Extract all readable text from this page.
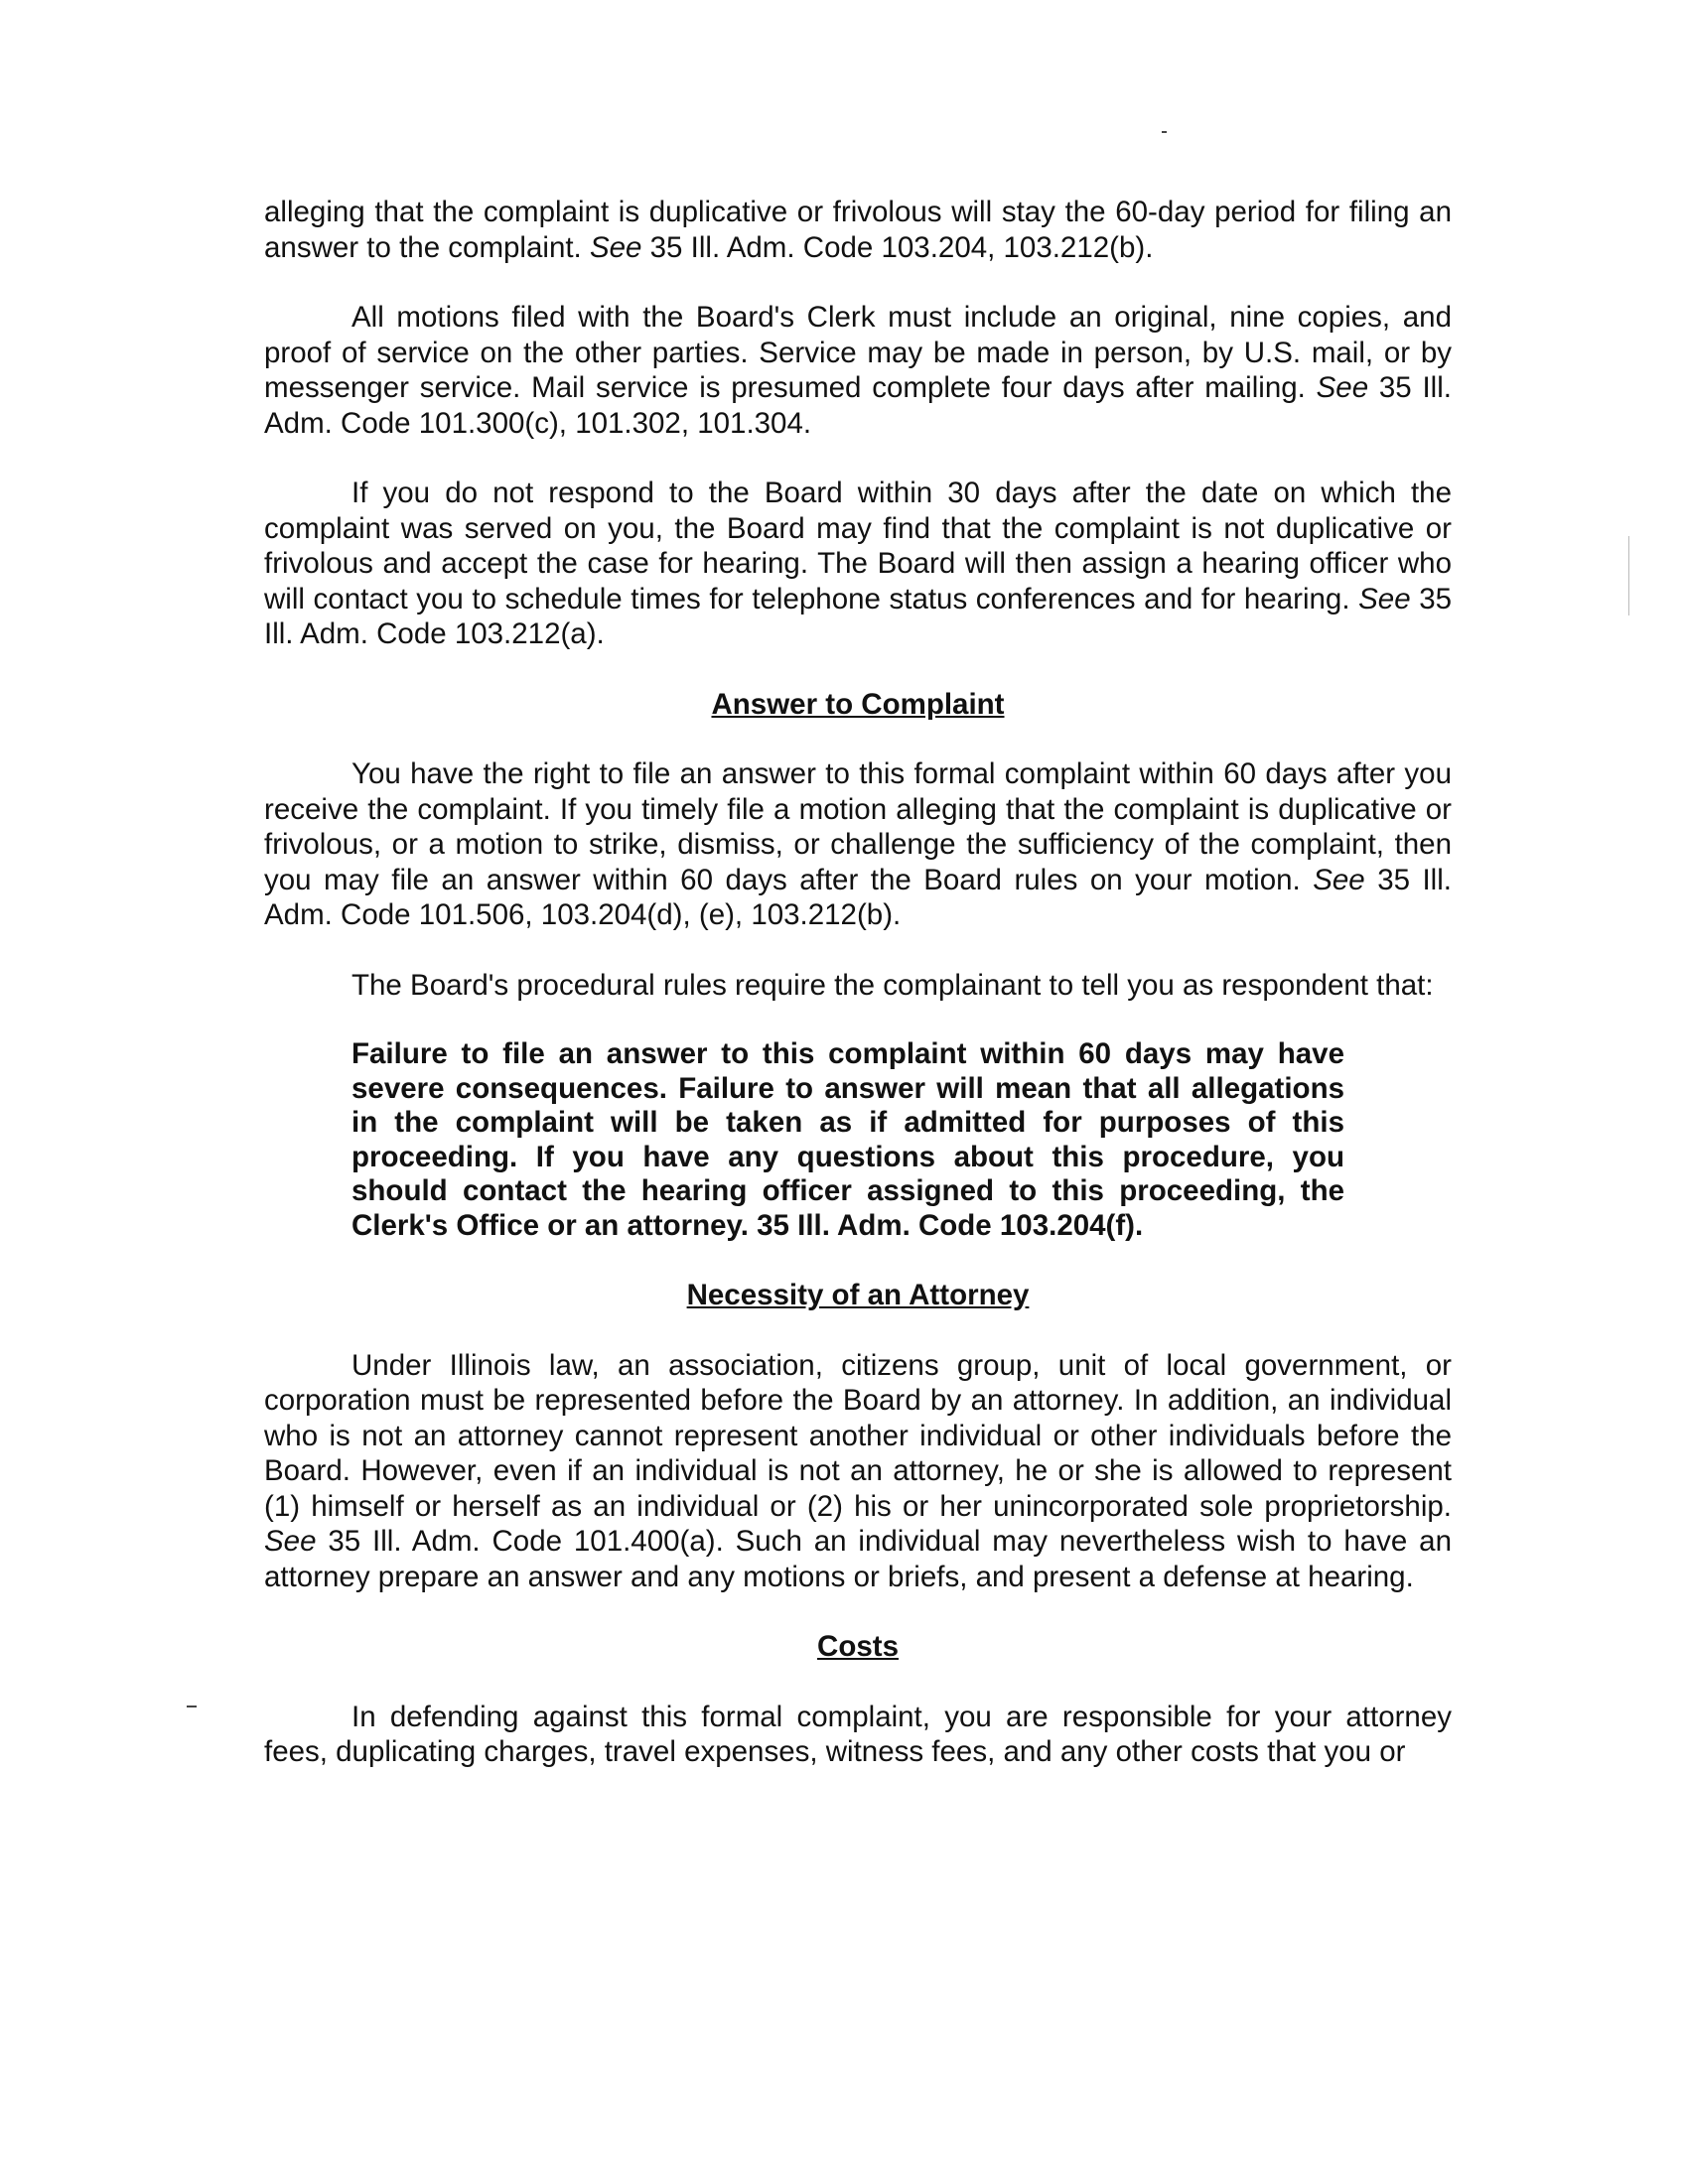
alleging that the complaint is duplicative or frivolous will stay the 60-day period for filing an answer to the complaint. See 35 Ill. Adm. Code 103.204, 103.212(b).

All motions filed with the Board's Clerk must include an original, nine copies, and proof of service on the other parties. Service may be made in person, by U.S. mail, or by messenger service. Mail service is presumed complete four days after mailing. See 35 Ill. Adm. Code 101.300(c), 101.302, 101.304.

If you do not respond to the Board within 30 days after the date on which the complaint was served on you, the Board may find that the complaint is not duplicative or frivolous and accept the case for hearing. The Board will then assign a hearing officer who will contact you to schedule times for telephone status conferences and for hearing. See 35 Ill. Adm. Code 103.212(a).

Answer to Complaint

You have the right to file an answer to this formal complaint within 60 days after you receive the complaint. If you timely file a motion alleging that the complaint is duplicative or frivolous, or a motion to strike, dismiss, or challenge the sufficiency of the complaint, then you may file an answer within 60 days after the Board rules on your motion. See 35 Ill. Adm. Code 101.506, 103.204(d), (e), 103.212(b).

The Board's procedural rules require the complainant to tell you as respondent that:

Failure to file an answer to this complaint within 60 days may have severe consequences. Failure to answer will mean that all allegations in the complaint will be taken as if admitted for purposes of this proceeding. If you have any questions about this procedure, you should contact the hearing officer assigned to this proceeding, the Clerk's Office or an attorney. 35 Ill. Adm. Code 103.204(f).

Necessity of an Attorney

Under Illinois law, an association, citizens group, unit of local government, or corporation must be represented before the Board by an attorney. In addition, an individual who is not an attorney cannot represent another individual or other individuals before the Board. However, even if an individual is not an attorney, he or she is allowed to represent (1) himself or herself as an individual or (2) his or her unincorporated sole proprietorship. See 35 Ill. Adm. Code 101.400(a). Such an individual may nevertheless wish to have an attorney prepare an answer and any motions or briefs, and present a defense at hearing.

Costs

In defending against this formal complaint, you are responsible for your attorney fees, duplicating charges, travel expenses, witness fees, and any other costs that you or
